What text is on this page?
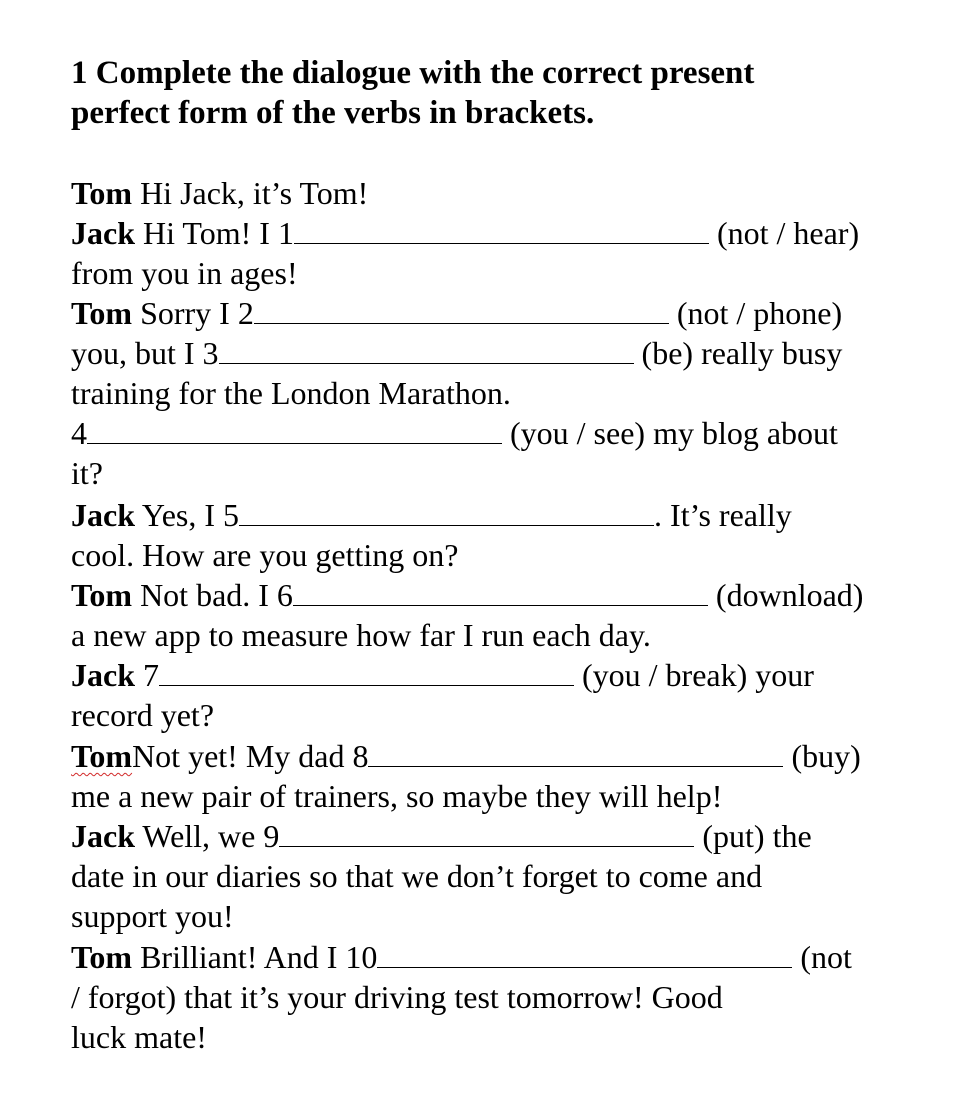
1 Complete the dialogue with the correct present
perfect form of the verbs in brackets.
Tom Hi Jack, it’s Tom!
Jack Hi Tom! I 1	(not / hear)
from you in ages!
Tom Sorry I 2	(not / phone)
you, but I 3	(be) really busy
training for the London Marathon.
4	(you / see) my blog about
it?
Jack Yes, I 5	. It’s really
cool. How are you getting on?
Tom Not bad. I 6	(download)
a new app to measure how far I run each day.
Jack 7	(you / break) your
record yet?
TomNot yet! My dad 8	(buy)
me a new pair of trainers, so maybe they will help!
Jack Well, we 9	(put) the
date in our diaries so that we don’t forget to come and
support you!
Tom Brilliant! And I 10	(not
/ forgot) that it’s your driving test tomorrow! Good
luck mate!
